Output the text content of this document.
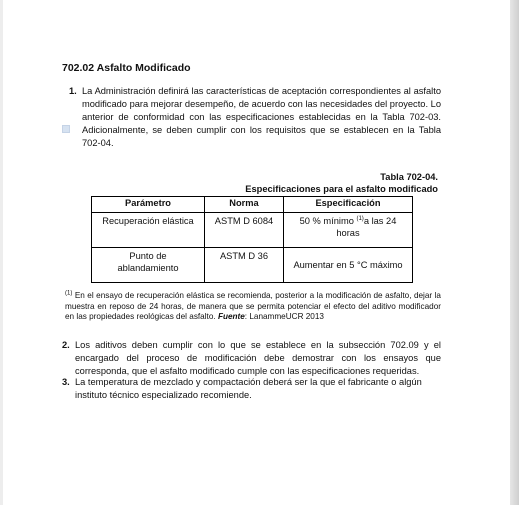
702.02 Asfalto Modificado
1. La Administración definirá las características de aceptación correspondientes al asfalto modificado para mejorar desempeño, de acuerdo con las necesidades del proyecto. Lo anterior de conformidad con las especificaciones establecidas en la Tabla 702-03. Adicionalmente, se deben cumplir con los requisitos que se establecen en la Tabla 702-04.

Tabla 702-04.
Especificaciones para el asfalto modificado
Parámetro	Norma	Especificación
Recuperación elástica	ASTM D 6084	50 % mínimo $^{(1)}$a las 24 horas
Punto de ablandamiento	ASTM D 36	Aumentar en 5 °C máximo

$^{(1)}$ En el ensayo de recuperación elástica se recomienda, posterior a la modificación de asfalto, dejar la muestra en reposo de 24 horas, de manera que se permita potenciar el efecto del aditivo modificador en las propiedades reológicas del asfalto. Fuente: LanammeUCR 2013

2. Los aditivos deben cumplir con lo que se establece en la subsección 702.09 y el encargado del proceso de modificación debe demostrar con los ensayos que corresponda, que el asfalto modificado cumple con las especificaciones requeridas.

3. La temperatura de mezclado y compactación deberá ser la que el fabricante o algún instituto técnico especializado recomiende.
